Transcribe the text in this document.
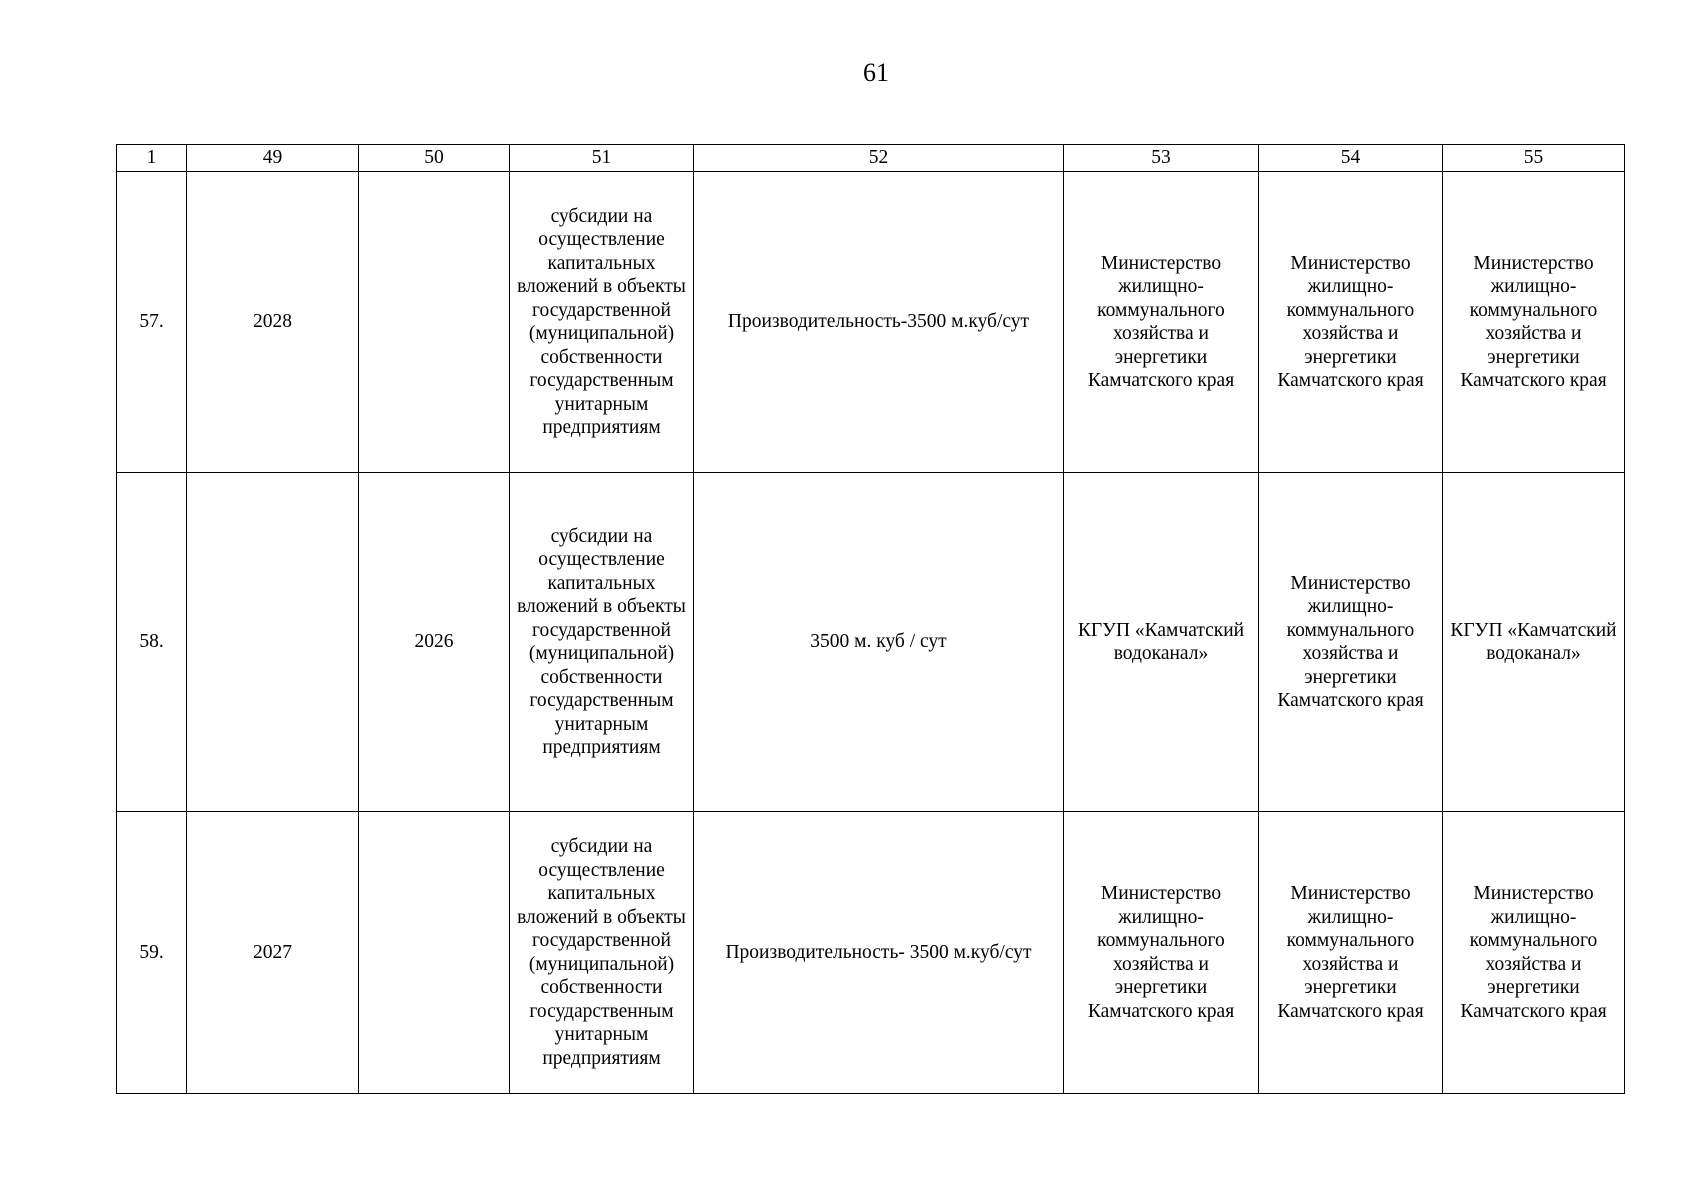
61
1	49	50	51	52	53	54	55
57.	2028		субсидии на осуществление капитальных вложений в объекты государственной (муниципальной) собственности государственным унитарным предприятиям	Производительность-3500 м.куб/сут	Министерство жилищно-коммунального хозяйства и энергетики Камчатского края	Министерство жилищно-коммунального хозяйства и энергетики Камчатского края	Министерство жилищно-коммунального хозяйства и энергетики Камчатского края
58.		2026	субсидии на осуществление капитальных вложений в объекты государственной (муниципальной) собственности государственным унитарным предприятиям	3500 м. куб / сут	КГУП «Камчатский водоканал»	Министерство жилищно-коммунального хозяйства и энергетики Камчатского края	КГУП «Камчатский водоканал»
59.	2027		субсидии на осуществление капитальных вложений в объекты государственной (муниципальной) собственности государственным унитарным предприятиям	Производительность- 3500 м.куб/сут	Министерство жилищно-коммунального хозяйства и энергетики Камчатского края	Министерство жилищно-коммунального хозяйства и энергетики Камчатского края	Министерство жилищно-коммунального хозяйства и энергетики Камчатского края
